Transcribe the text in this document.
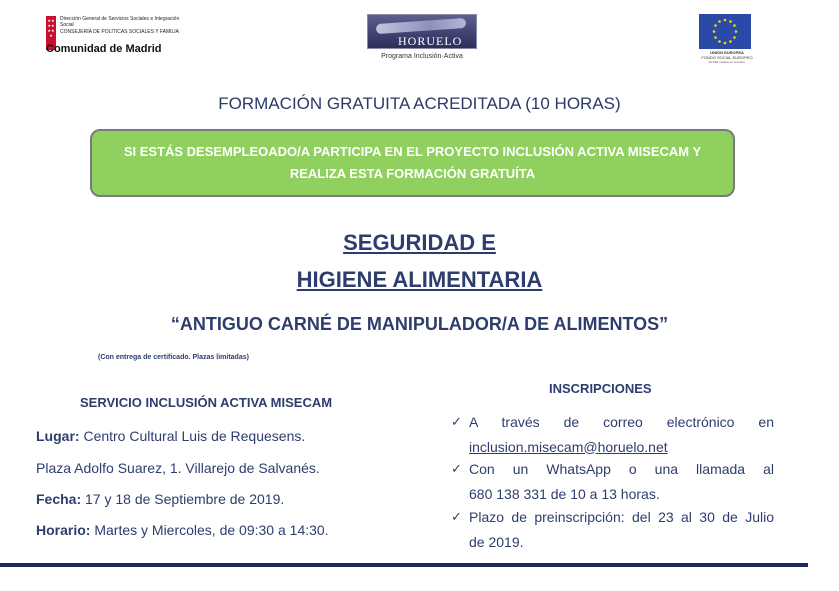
★★
★★
★★
★
Dirección General de Servicios Sociales e Integración Social
CONSEJERÍA DE POLÍTICAS SOCIALES Y FAMILIA
Comunidad de Madrid
HORUELO
Programa Inclusión·Activa
UNIÓN EUROPEA
FONDO SOCIAL EUROPEO
El FSE invierte en tu futuro
FORMACIÓN GRATUITA ACREDITADA (10 HORAS)
SI ESTÁS DESEMPLEOADO/A PARTICIPA EN EL PROYECTO INCLUSIÓN ACTIVA MISECAM Y
REALIZA ESTA FORMACIÓN GRATUÍTA
SEGURIDAD E
HIGIENE ALIMENTARIA
“ANTIGUO CARNÉ DE MANIPULADOR/A DE ALIMENTOS”
(Con entrega de certificado. Plazas limitadas)
SERVICIO INCLUSIÓN ACTIVA MISECAM
Lugar: Centro Cultural Luis de Requesens.
Plaza Adolfo Suarez, 1. Villarejo de Salvanés.
Fecha: 17 y 18 de Septiembre de 2019.
Horario: Martes y Miercoles, de 09:30 a 14:30.
INSCRIPCIONES
✓ A través de correo electrónico en
inclusion.misecam@horuelo.net
✓ Con un WhatsApp o una llamada al
680 138 331 de 10 a 13 horas.
✓ Plazo de preinscripción: del 23 al 30 de Julio
de 2019.
